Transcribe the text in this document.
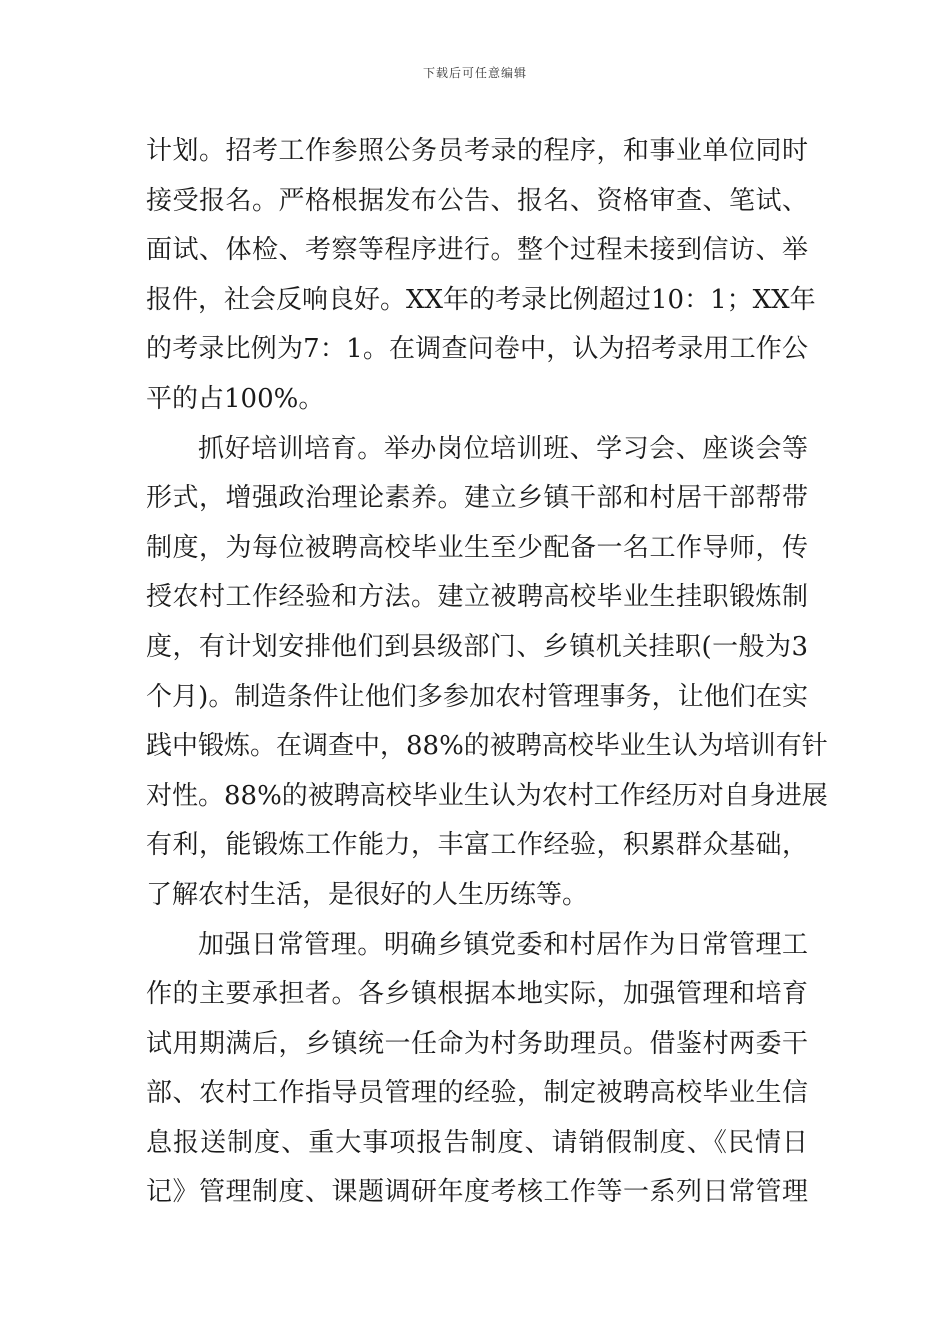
下载后可任意编辑
计划。招考工作参照公务员考录的程序，和事业单位同时
接受报名。严格根据发布公告、报名、资格审查、笔试、
面试、体检、考察等程序进行。整个过程未接到信访、举
报件，社会反响良好。XX年的考录比例超过10：1；XX年
的考录比例为7：1。在调查问卷中，认为招考录用工作公
平的占100%。
抓好培训培育。举办岗位培训班、学习会、座谈会等
形式，增强政治理论素养。建立乡镇干部和村居干部帮带
制度，为每位被聘高校毕业生至少配备一名工作导师，传
授农村工作经验和方法。建立被聘高校毕业生挂职锻炼制
度，有计划安排他们到县级部门、乡镇机关挂职(一般为3
个月)。制造条件让他们多参加农村管理事务，让他们在实
践中锻炼。在调查中，88%的被聘高校毕业生认为培训有针
对性。88%的被聘高校毕业生认为农村工作经历对自身进展
有利，能锻炼工作能力，丰富工作经验，积累群众基础，
了解农村生活，是很好的人生历练等。
加强日常管理。明确乡镇党委和村居作为日常管理工
作的主要承担者。各乡镇根据本地实际，加强管理和培育
试用期满后，乡镇统一任命为村务助理员。借鉴村两委干
部、农村工作指导员管理的经验，制定被聘高校毕业生信
息报送制度、重大事项报告制度、请销假制度、《民情日
记》管理制度、课题调研年度考核工作等一系列日常管理
